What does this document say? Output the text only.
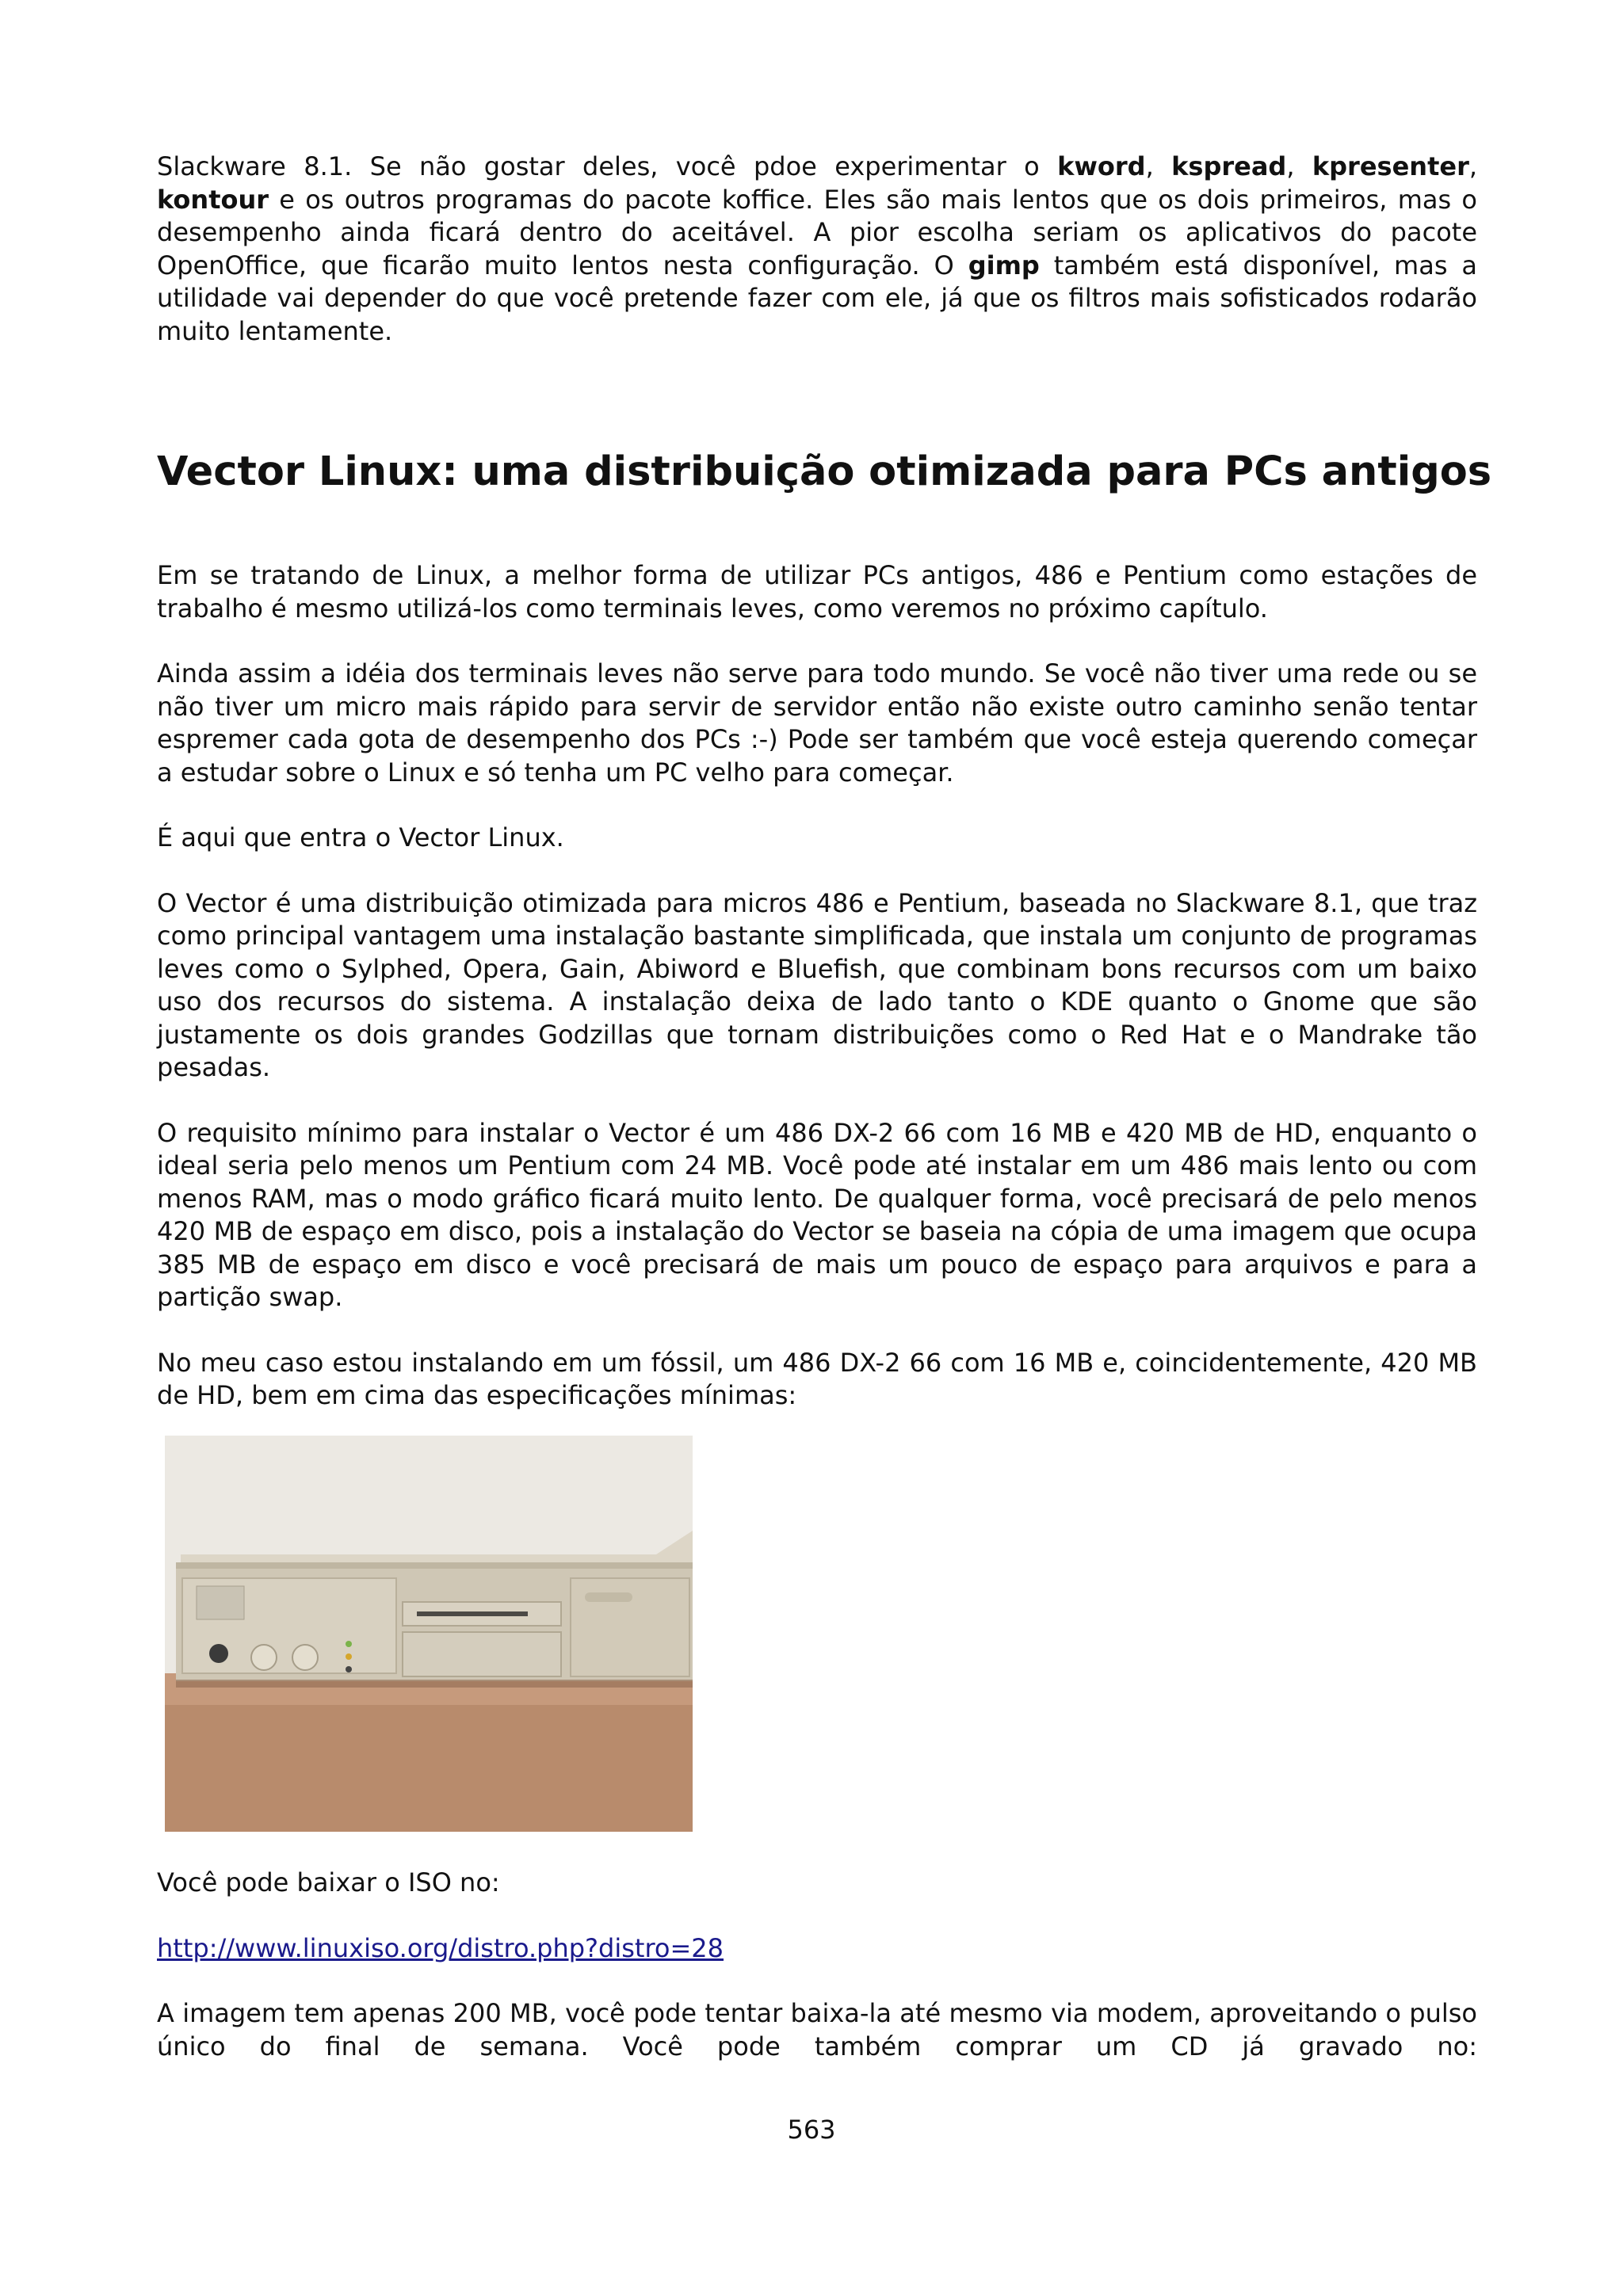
Slackware 8.1. Se não gostar deles, você pdoe experimentar o kword, kspread, kpresenter, kontour e os outros programas do pacote koffice. Eles são mais lentos que os dois primeiros, mas o desempenho ainda ficará dentro do aceitável. A pior escolha seriam os aplicativos do pacote OpenOffice, que ficarão muito lentos nesta configuração. O gimp também está disponível, mas a utilidade vai depender do que você pretende fazer com ele, já que os filtros mais sofisticados rodarão muito lentamente.

Vector Linux: uma distribuição otimizada para PCs antigos

Em se tratando de Linux, a melhor forma de utilizar PCs antigos, 486 e Pentium como estações de trabalho é mesmo utilizá-los como terminais leves, como veremos no próximo capítulo.

Ainda assim a idéia dos terminais leves não serve para todo mundo. Se você não tiver uma rede ou se não tiver um micro mais rápido para servir de servidor então não existe outro caminho senão tentar espremer cada gota de desempenho dos PCs :-) Pode ser também que você esteja querendo começar a estudar sobre o Linux e só tenha um PC velho para começar.

É aqui que entra o Vector Linux.

O Vector é uma distribuição otimizada para micros 486 e Pentium, baseada no Slackware 8.1, que traz como principal vantagem uma instalação bastante simplificada, que instala um conjunto de programas leves como o Sylphed, Opera, Gain, Abiword e Bluefish, que combinam bons recursos com um baixo uso dos recursos do sistema. A instalação deixa de lado tanto o KDE quanto o Gnome que são justamente os dois grandes Godzillas que tornam distribuições como o Red Hat e o Mandrake tão pesadas.

O requisito mínimo para instalar o Vector é um 486 DX-2 66 com 16 MB e 420 MB de HD, enquanto o ideal seria pelo menos um Pentium com 24 MB. Você pode até instalar em um 486 mais lento ou com menos RAM, mas o modo gráfico ficará muito lento. De qualquer forma, você precisará de pelo menos 420 MB de espaço em disco, pois a instalação do Vector se baseia na cópia de uma imagem que ocupa 385 MB de espaço em disco e você precisará de mais um pouco de espaço para arquivos e para a partição swap.

No meu caso estou instalando em um fóssil, um 486 DX-2 66 com 16 MB e, coincidentemente, 420 MB de HD, bem em cima das especificações mínimas:

Você pode baixar o ISO no:

http://www.linuxiso.org/distro.php?distro=28

A imagem tem apenas 200 MB, você pode tentar baixa-la até mesmo via modem, aproveitando o pulso único do final de semana. Você pode também comprar um CD já gravado no:

563
